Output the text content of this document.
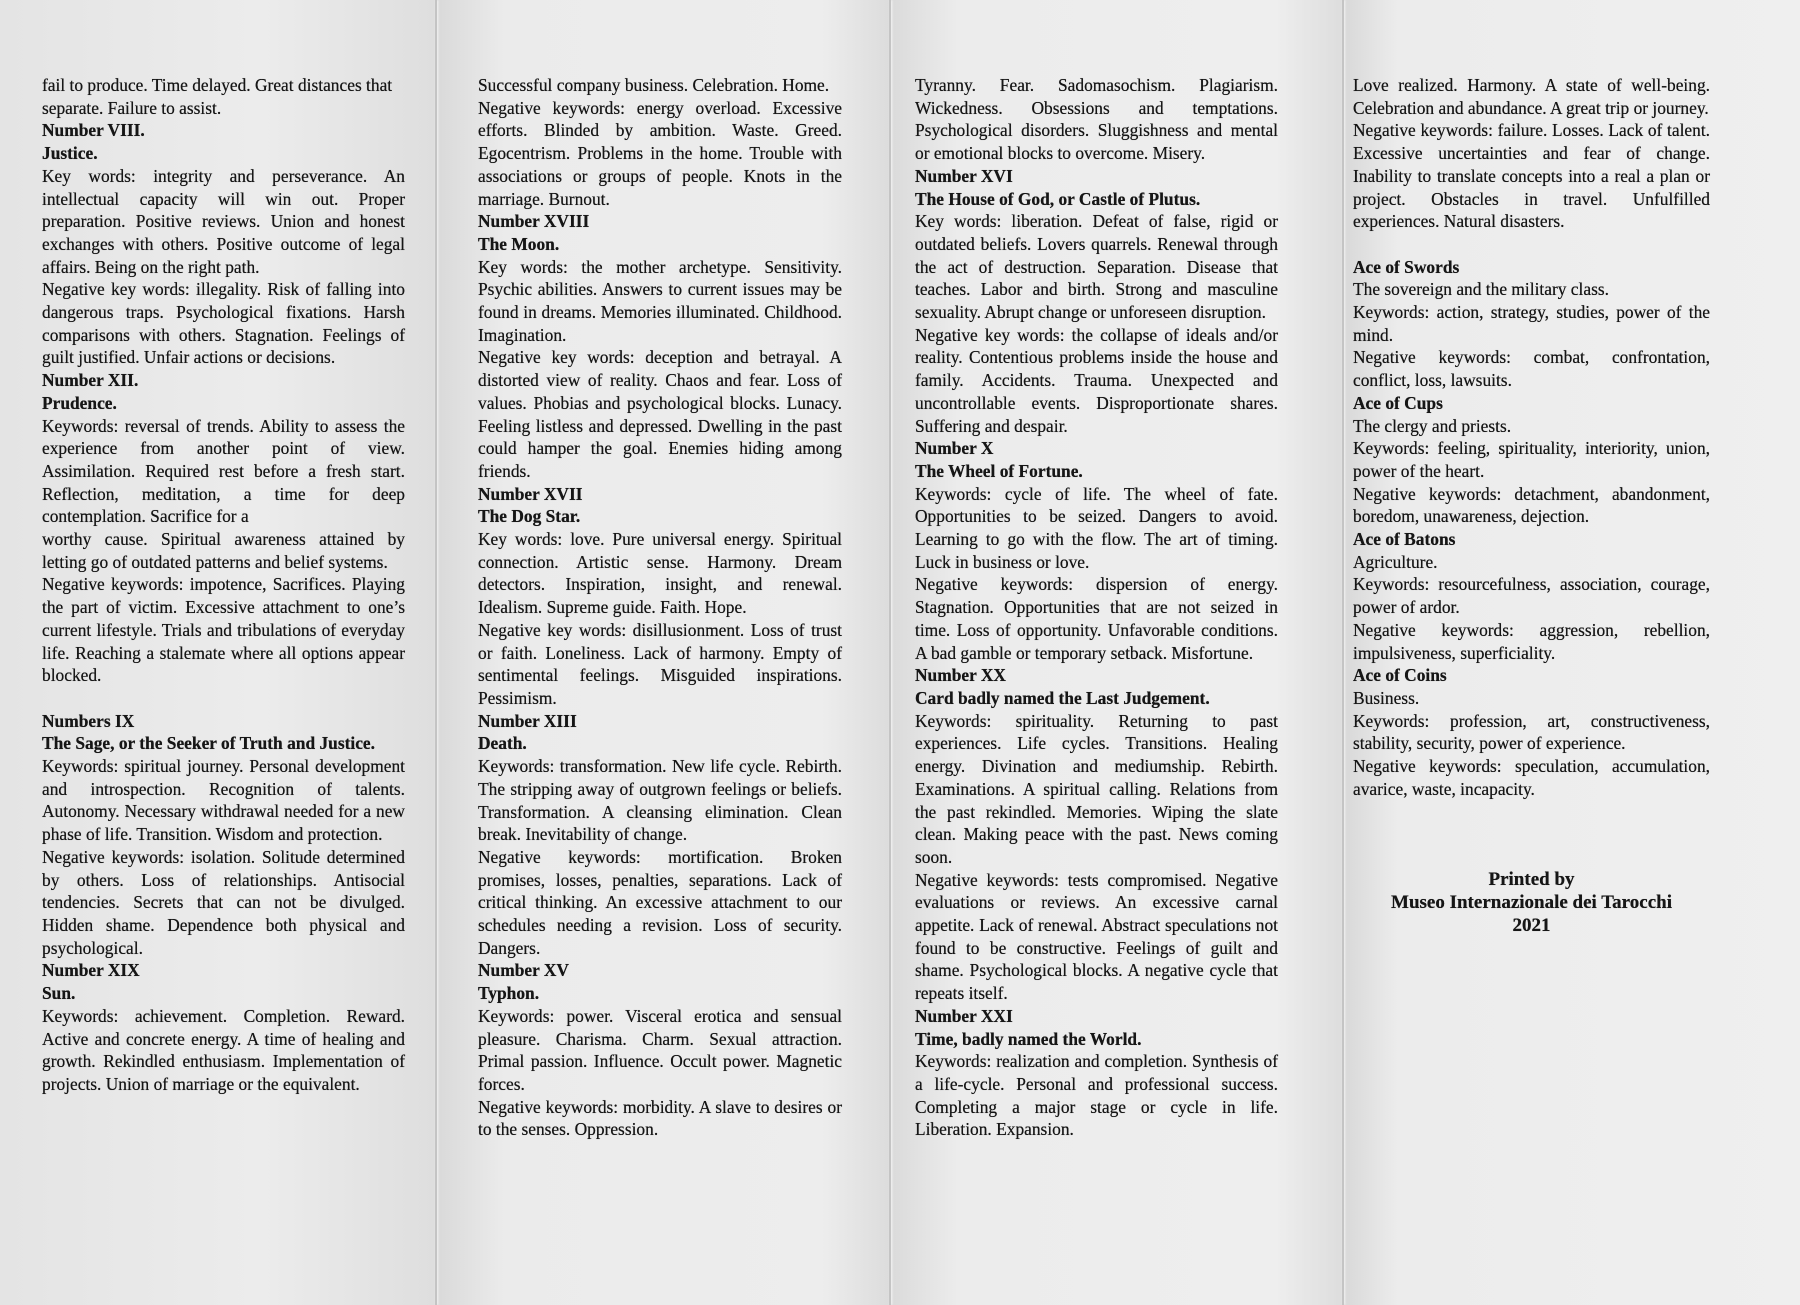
fail to produce. Time delayed. Great distances that

separate. Failure to assist.

Number VIII.

Justice.

Key words: integrity and perseverance. An intellectual capacity will win out. Proper preparation. Positive reviews. Union and honest exchanges with others. Positive outcome of legal affairs. Being on the right path.

Negative key words: illegality. Risk of falling into dangerous traps. Psychological fixations. Harsh comparisons with others. Stagnation. Feelings of guilt justified. Unfair actions or decisions.

Number XII.

Prudence.

Keywords: reversal of trends. Ability to assess the experience from another point of view. Assimilation. Required rest before a fresh start. Reflection, meditation, a time for deep contemplation. Sacrifice for a

worthy cause. Spiritual awareness attained by letting go of outdated patterns and belief systems.

Negative keywords: impotence, Sacrifices. Playing the part of victim. Excessive attachment to one’s current lifestyle. Trials and tribulations of everyday life. Reaching a stalemate where all options appear blocked.

Numbers IX

The Sage, or the Seeker of Truth and Justice.

Keywords: spiritual journey. Personal development and introspection. Recognition of talents. Autonomy. Necessary withdrawal needed for a new phase of life. Transition. Wisdom and protection.

Negative keywords: isolation. Solitude determined by others. Loss of relationships. Antisocial tendencies. Secrets that can not be divulged. Hidden shame. Dependence both physical and psychological.

Number XIX

Sun.

Keywords: achievement. Completion. Reward. Active and concrete energy. A time of healing and growth. Rekindled enthusiasm. Implementation of projects. Union of marriage or the equivalent.

Successful company business. Celebration. Home.

Negative keywords: energy overload. Excessive efforts. Blinded by ambition. Waste. Greed. Egocentrism. Problems in the home. Trouble with associations or groups of people. Knots in the marriage. Burnout.

Number XVIII

The Moon.

Key words: the mother archetype. Sensitivity. Psychic abilities. Answers to current issues may be found in dreams. Memories illuminated. Childhood. Imagination.

Negative key words: deception and betrayal. A distorted view of reality. Chaos and fear. Loss of values. Phobias and psychological blocks. Lunacy. Feeling listless and depressed. Dwelling in the past could hamper the goal. Enemies hiding among friends.

Number XVII

The Dog Star.

Key words: love. Pure universal energy. Spiritual connection. Artistic sense. Harmony. Dream detectors. Inspiration, insight, and renewal. Idealism. Supreme guide. Faith. Hope.

Negative key words: disillusionment. Loss of trust or faith. Loneliness. Lack of harmony. Empty of sentimental feelings. Misguided inspirations. Pessimism.

Number XIII

Death.

Keywords: transformation. New life cycle. Rebirth. The stripping away of outgrown feelings or beliefs. Transformation. A cleansing elimination. Clean break. Inevitability of change.

Negative keywords: mortification. Broken promises, losses, penalties, separations. Lack of critical thinking. An excessive attachment to our schedules needing a revision. Loss of security. Dangers.

Number XV

Typhon.

Keywords: power. Visceral erotica and sensual pleasure. Charisma. Charm. Sexual attraction. Primal passion. Influence. Occult power. Magnetic forces.

Negative keywords: morbidity. A slave to desires or to the senses. Oppression.

Tyranny. Fear. Sadomasochism. Plagiarism. Wickedness. Obsessions and temptations. Psychological disorders. Sluggishness and mental or emotional blocks to overcome. Misery.

Number XVI

The House of God, or Castle of Plutus.

Key words: liberation. Defeat of false, rigid or outdated beliefs. Lovers quarrels. Renewal through the act of destruction. Separation. Disease that teaches. Labor and birth. Strong and masculine sexuality. Abrupt change or unforeseen disruption.

Negative key words: the collapse of ideals and/or reality. Contentious problems inside the house and family. Accidents. Trauma. Unexpected and uncontrollable events. Disproportionate shares. Suffering and despair.

Number X

The Wheel of Fortune.

Keywords: cycle of life. The wheel of fate. Opportunities to be seized. Dangers to avoid. Learning to go with the flow. The art of timing. Luck in business or love.

Negative keywords: dispersion of energy. Stagnation. Opportunities that are not seized in time. Loss of opportunity. Unfavorable conditions. A bad gamble or temporary setback. Misfortune.

Number XX

Card badly named the Last Judgement.

Keywords: spirituality. Returning to past experiences. Life cycles. Transitions. Healing energy. Divination and mediumship. Rebirth. Examinations. A spiritual calling. Relations from the past rekindled. Memories. Wiping the slate clean. Making peace with the past. News coming soon.

Negative keywords: tests compromised. Negative evaluations or reviews. An excessive carnal appetite. Lack of renewal. Abstract speculations not found to be constructive. Feelings of guilt and shame. Psychological blocks. A negative cycle that repeats itself.

Number XXI

Time, badly named the World.

Keywords: realization and completion. Synthesis of a life-cycle. Personal and professional success. Completing a major stage or cycle in life. Liberation. Expansion.

Love realized. Harmony. A state of well-being. Celebration and abundance. A great trip or journey.

Negative keywords: failure. Losses. Lack of talent. Excessive uncertainties and fear of change. Inability to translate concepts into a real a plan or project. Obstacles in travel. Unfulfilled experiences. Natural disasters.

Ace of Swords

The sovereign and the military class.

Keywords: action, strategy, studies, power of the mind.

Negative keywords: combat, confrontation, conflict, loss, lawsuits.

Ace of Cups

The clergy and priests.

Keywords: feeling, spirituality, interiority, union, power of the heart.

Negative keywords: detachment, abandonment, boredom, unawareness, dejection.

Ace of Batons

Agriculture.

Keywords: resourcefulness, association, courage, power of ardor.

Negative keywords: aggression, rebellion, impulsiveness, superficiality.

Ace of Coins

Business.

Keywords: profession, art, constructiveness, stability, security, power of experience.

Negative keywords: speculation, accumulation, avarice, waste, incapacity.

Printed by
Museo Internazionale dei Tarocchi
2021
